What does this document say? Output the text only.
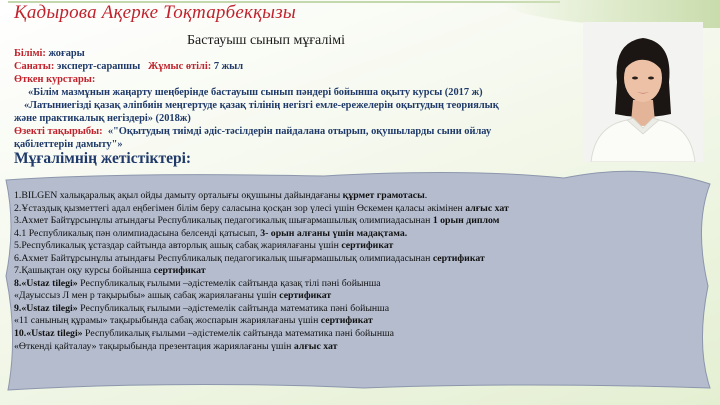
Қадырова Ақерке Тоқтарбекқызы
Бастауыш сынып мұғалімі
Білімі: жоғары
Санаты: эксперт-сарапшы Жұмыс өтілі: 7 жыл
Өткен курстары:
«Білім мазмұнын жаңарту шеңберінде бастауыш сынып пәндері бойынша оқыту курсы (2017 ж)
«Латыниегізді қазақ әліпбиін меңгертуде қазақ тілінің негізгі емле-ережелерін оқытудың теориялық
және практикалық негіздері» (2018ж)
Өзекті тақырыбы: «"Оқытудың тиімді әдіс-тәсілдерін пайдалана отырып, оқушыларды сыни ойлау
қабілеттерін дамыту"»
Мұғалімнің жетістіктері:
1.BILGEN халықаралық ақыл ойды дамыту орталығы оқушыны дайындағаны құрмет грамотасы.
2.Ұстаздық қызметтегі адал еңбегімен білім беру саласына қосқан зор үлесі үшін Өскемен қаласы әкімінен алғыс хат
3.Ахмет Байтұрсынұлы атындағы Республикалық педагогикалық шығармашылық олимпиадасынан 1 орын диплом
4.1 Республикалық пән олимпиадасына белсенді қатысып, 3- орын алғаны үшін мадақтама.
5.Республикалық ұстаздар сайтында авторлық ашық сабақ жариялағаны үшін сертификат
6.Ахмет Байтұрсынұлы атындағы Республикалық педагогикалық шығармашылық олимпиадасынан сертификат
7.Қашықтан оқу курсы бойынша сертификат
8.«Ustaz tilegi» Республикалық ғылыми –әдістемелік сайтында қазақ тілі пәні бойынша
«Дауыссыз Л мен р тақырыбы» ашық сабақ жариялағаны үшін сертификат
9.«Ustaz tilegi» Республикалық ғылыми –әдістемелік сайтында математика пәні бойынша
«11 санының құрамы» тақырыбында сабақ жоспарын жариялағаны үшін сертификат
10.«Ustaz tilegi» Республикалық ғылыми –әдістемелік сайтында математика пәні бойынша
«Өткенді қайталау» тақырыбында презентация жариялағаны үшін алғыс хат
